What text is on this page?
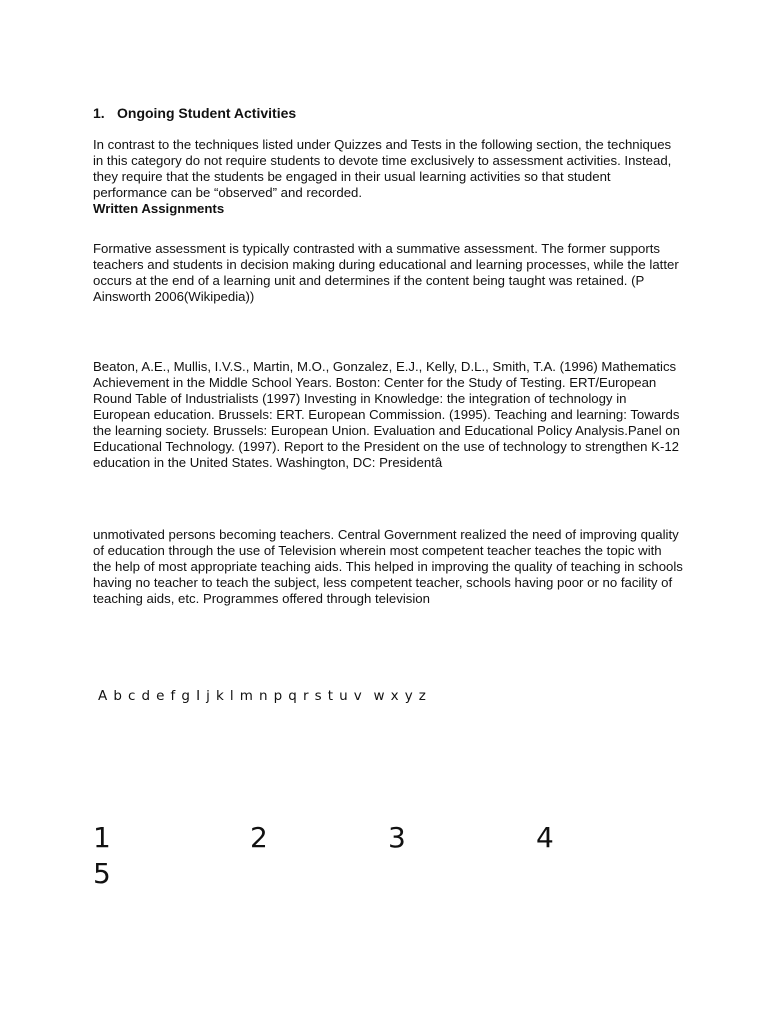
1. Ongoing Student Activities

In contrast to the techniques listed under Quizzes and Tests in the following section, the techniques in this category do not require students to devote time exclusively to assessment activities. Instead, they require that the students be engaged in their usual learning activities so that student performance can be “observed” and recorded.

Written Assignments

Formative assessment is typically contrasted with a summative assessment. The former supports teachers and students in decision making during educational and learning processes, while the latter occurs at the end of a learning unit and determines if the content being taught was retained. (P Ainsworth 2006(Wikipedia))

Beaton, A.E., Mullis, I.V.S., Martin, M.O., Gonzalez, E.J., Kelly, D.L., Smith, T.A. (1996) Mathematics Achievement in the Middle School Years. Boston: Center for the Study of Testing. ERT/European Round Table of Industrialists (1997) Investing in Knowledge: the integration of technology in European education. Brussels: ERT. European Commission. (1995). Teaching and learning: Towards the learning society. Brussels: European Union. Evaluation and Educational Policy Analysis.Panel on Educational Technology. (1997). Report to the President on the use of technology to strengthen K-12 education in the United States. Washington, DC: Presidentâ

unmotivated persons becoming teachers. Central Government realized the need of improving quality of education through the use of Television wherein most competent teacher teaches the topic with the help of most appropriate teaching aids. This helped in improving the quality of teaching in schools having no teacher to teach the subject, less competent teacher, schools having poor or no facility of teaching aids, etc. Programmes offered through television

A b c d e f g I j k l m n p q r s t u v  w x y z

1	2	3	4
5
